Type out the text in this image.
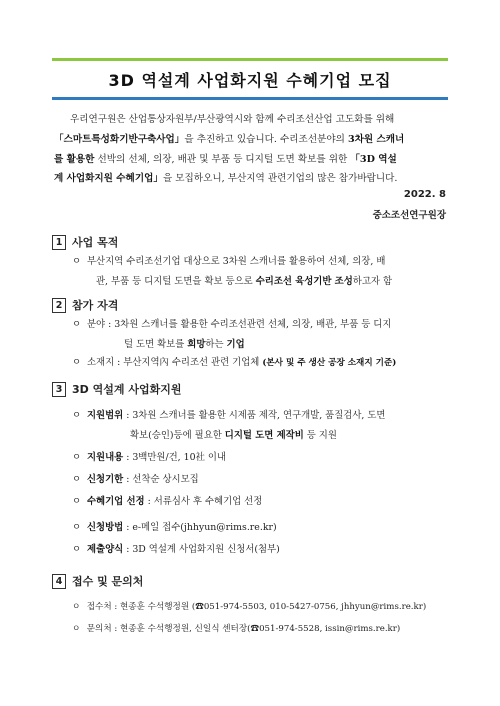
3D 역설계 사업화지원 수혜기업 모집
우리연구원은 산업통상자원부/부산광역시와 함께 수리조선산업 고도화를 위해
「스마트특성화기반구축사업」을 추진하고 있습니다. 수리조선분야의 3차원 스캐너
를 활용한 선박의 선체, 의장, 배관 및 부품 등 디지털 도면 확보를 위한 「3D 역설
계 사업화지원 수혜기업」을 모집하오니, 부산지역 관련기업의 많은 참가바랍니다.
2022. 8
중소조선연구원장
1 사업 목적
ㅇ 부산지역 수리조선기업 대상으로 3차원 스캐너를 활용하여 선체, 의장, 배
관, 부품 등 디지털 도면을 확보 등으로 수리조선 육성기반 조성하고자 함
2 참가 자격
ㅇ 분야 : 3차원 스캐너를 활용한 수리조선관련 선체, 의장, 배관, 부품 등 디지
털 도면 확보를 희망하는 기업
ㅇ 소재지 : 부산지역內 수리조선 관련 기업체 (본사 및 주 생산 공장 소재지 기준)
3 3D 역설계 사업화지원
ㅇ 지원범위 : 3차원 스캐너를 활용한 시제품 제작, 연구개발, 품질검사, 도면
확보(승인)등에 필요한 디지털 도면 제작비 등 지원
ㅇ 지원내용 : 3백만원/건, 10社 이내
ㅇ 신청기한 : 선착순 상시모집
ㅇ 수혜기업 선정 : 서류심사 후 수혜기업 선정
ㅇ 신청방법 : e-메일 접수(jhhyun@rims.re.kr)
ㅇ 제출양식 : 3D 역설계 사업화지원 신청서(첨부)
4 접수 및 문의처
ㅇ 접수처 : 현종훈 수석행정원 (☎051-974-5503, 010-5427-0756, jhhyun@rims.re.kr)
ㅇ 문의처 : 현종훈 수석행정원, 신일식 센터장(☎051-974-5528, issin@rims.re.kr)
